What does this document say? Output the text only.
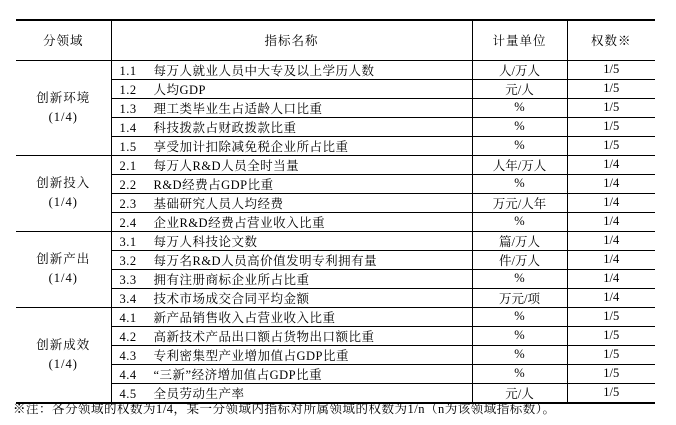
分领域	指标名称	计量单位	权数※

创新环境
(1/4)	1.1 每万人就业人员中大专及以上学历人数	人/万人	1/5
	1.2 人均GDP	元/人	1/5
	1.3 理工类毕业生占适龄人口比重	%	1/5
	1.4 科技拨款占财政拨款比重	%	1/5
	1.5 享受加计扣除减免税企业所占比重	%	1/5

创新投入
(1/4)	2.1 每万人R&D人员全时当量	人年/万人	1/4
	2.2 R&D经费占GDP比重	%	1/4
	2.3 基础研究人员人均经费	万元/人年	1/4
	2.4 企业R&D经费占营业收入比重	%	1/4

创新产出
(1/4)	3.1 每万人科技论文数	篇/万人	1/4
	3.2 每万名R&D人员高价值发明专利拥有量	件/万人	1/4
	3.3 拥有注册商标企业所占比重	%	1/4
	3.4 技术市场成交合同平均金额	万元/项	1/4

创新成效
(1/4)	4.1 新产品销售收入占营业收入比重	%	1/5
	4.2 高新技术产品出口额占货物出口额比重	%	1/5
	4.3 专利密集型产业增加值占GDP比重	%	1/5
	4.4 “三新”经济增加值占GDP比重	%	1/5
	4.5 全员劳动生产率	元/人	1/5
※注：各分领域的权数为1/4，某一分领域内指标对所属领域的权数为1/n（n为该领域指标数）。
